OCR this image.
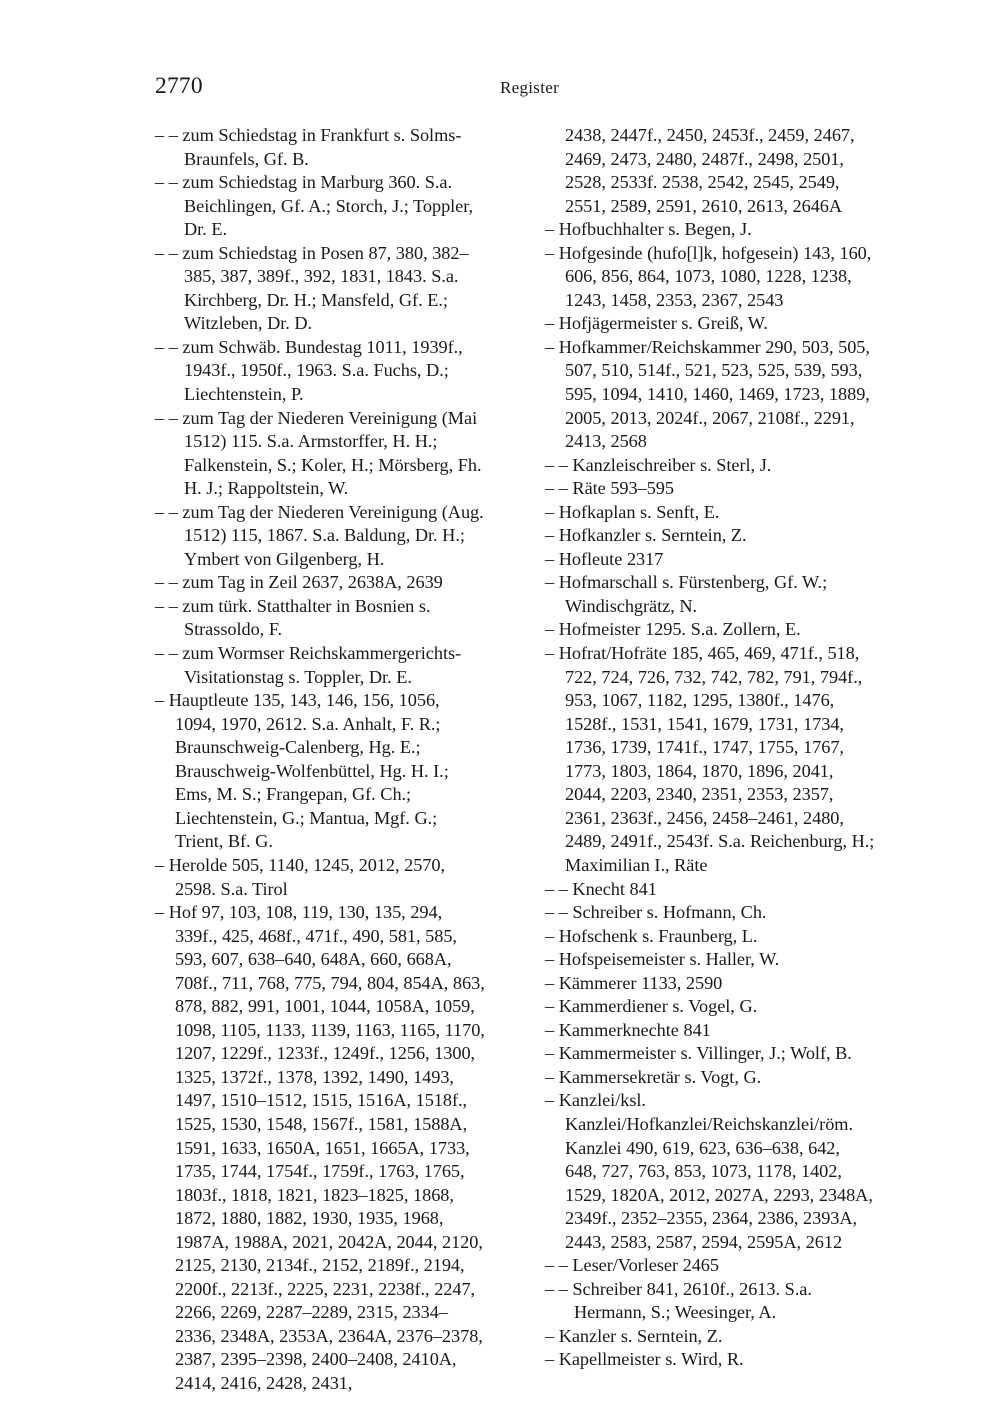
2770	Register

– – zum Schiedstag in Frankfurt s. Solms-Braunfels, Gf. B.

– – zum Schiedstag in Marburg 360. S.a. Beichlingen, Gf. A.; Storch, J.; Toppler, Dr. E.

– – zum Schiedstag in Posen 87, 380, 382–385, 387, 389f., 392, 1831, 1843. S.a. Kirchberg, Dr. H.; Mansfeld, Gf. E.; Witzleben, Dr. D.

– – zum Schwäb. Bundestag 1011, 1939f., 1943f., 1950f., 1963. S.a. Fuchs, D.; Liechtenstein, P.

– – zum Tag der Niederen Vereinigung (Mai 1512) 115. S.a. Armstorffer, H. H.; Falkenstein, S.; Koler, H.; Mörsberg, Fh. H. J.; Rappoltstein, W.

– – zum Tag der Niederen Vereinigung (Aug. 1512) 115, 1867. S.a. Baldung, Dr. H.; Ymbert von Gilgenberg, H.

– – zum Tag in Zeil 2637, 2638A, 2639

– – zum türk. Statthalter in Bosnien s. Strassoldo, F.

– – zum Wormser Reichskammergerichts-Visitationstag s. Toppler, Dr. E.

– Hauptleute 135, 143, 146, 156, 1056, 1094, 1970, 2612. S.a. Anhalt, F. R.; Braunschweig-Calenberg, Hg. E.; Brauschweig-Wolfenbüttel, Hg. H. I.; Ems, M. S.; Frangepan, Gf. Ch.; Liechtenstein, G.; Mantua, Mgf. G.; Trient, Bf. G.

– Herolde 505, 1140, 1245, 2012, 2570, 2598. S.a. Tirol

– Hof 97, 103, 108, 119, 130, 135, 294, 339f., 425, 468f., 471f., 490, 581, 585, 593, 607, 638–640, 648A, 660, 668A, 708f., 711, 768, 775, 794, 804, 854A, 863, 878, 882, 991, 1001, 1044, 1058A, 1059, 1098, 1105, 1133, 1139, 1163, 1165, 1170, 1207, 1229f., 1233f., 1249f., 1256, 1300, 1325, 1372f., 1378, 1392, 1490, 1493, 1497, 1510–1512, 1515, 1516A, 1518f., 1525, 1530, 1548, 1567f., 1581, 1588A, 1591, 1633, 1650A, 1651, 1665A, 1733, 1735, 1744, 1754f., 1759f., 1763, 1765, 1803f., 1818, 1821, 1823–1825, 1868, 1872, 1880, 1882, 1930, 1935, 1968, 1987A, 1988A, 2021, 2042A, 2044, 2120, 2125, 2130, 2134f., 2152, 2189f., 2194, 2200f., 2213f., 2225, 2231, 2238f., 2247, 2266, 2269, 2287–2289, 2315, 2334–2336, 2348A, 2353A, 2364A, 2376–2378, 2387, 2395–2398, 2400–2408, 2410A, 2414, 2416, 2428, 2431,

2438, 2447f., 2450, 2453f., 2459, 2467, 2469, 2473, 2480, 2487f., 2498, 2501, 2528, 2533f. 2538, 2542, 2545, 2549, 2551, 2589, 2591, 2610, 2613, 2646A

– Hofbuchhalter s. Begen, J.

– Hofgesinde (hufo[l]k, hofgesein) 143, 160, 606, 856, 864, 1073, 1080, 1228, 1238, 1243, 1458, 2353, 2367, 2543

– Hofjägermeister s. Greiß, W.

– Hofkammer/Reichskammer 290, 503, 505, 507, 510, 514f., 521, 523, 525, 539, 593, 595, 1094, 1410, 1460, 1469, 1723, 1889, 2005, 2013, 2024f., 2067, 2108f., 2291, 2413, 2568

– – Kanzleischreiber s. Sterl, J.

– – Räte 593–595

– Hofkaplan s. Senft, E.

– Hofkanzler s. Serntein, Z.

– Hofleute 2317

– Hofmarschall s. Fürstenberg, Gf. W.; Windischgrätz, N.

– Hofmeister 1295. S.a. Zollern, E.

– Hofrat/Hofräte 185, 465, 469, 471f., 518, 722, 724, 726, 732, 742, 782, 791, 794f., 953, 1067, 1182, 1295, 1380f., 1476, 1528f., 1531, 1541, 1679, 1731, 1734, 1736, 1739, 1741f., 1747, 1755, 1767, 1773, 1803, 1864, 1870, 1896, 2041, 2044, 2203, 2340, 2351, 2353, 2357, 2361, 2363f., 2456, 2458–2461, 2480, 2489, 2491f., 2543f. S.a. Reichenburg, H.; Maximilian I., Räte

– – Knecht 841

– – Schreiber s. Hofmann, Ch.

– Hofschenk s. Fraunberg, L.

– Hofspeisemeister s. Haller, W.

– Kämmerer 1133, 2590

– Kammerdiener s. Vogel, G.

– Kammerknechte 841

– Kammermeister s. Villinger, J.; Wolf, B.

– Kammersekretär s. Vogt, G.

– Kanzlei/ksl. Kanzlei/Hofkanzlei/Reichskanzlei/röm. Kanzlei 490, 619, 623, 636–638, 642, 648, 727, 763, 853, 1073, 1178, 1402, 1529, 1820A, 2012, 2027A, 2293, 2348A, 2349f., 2352–2355, 2364, 2386, 2393A, 2443, 2583, 2587, 2594, 2595A, 2612

– – Leser/Vorleser 2465

– – Schreiber 841, 2610f., 2613. S.a. Hermann, S.; Weesinger, A.

– Kanzler s. Serntein, Z.

– Kapellmeister s. Wird, R.
